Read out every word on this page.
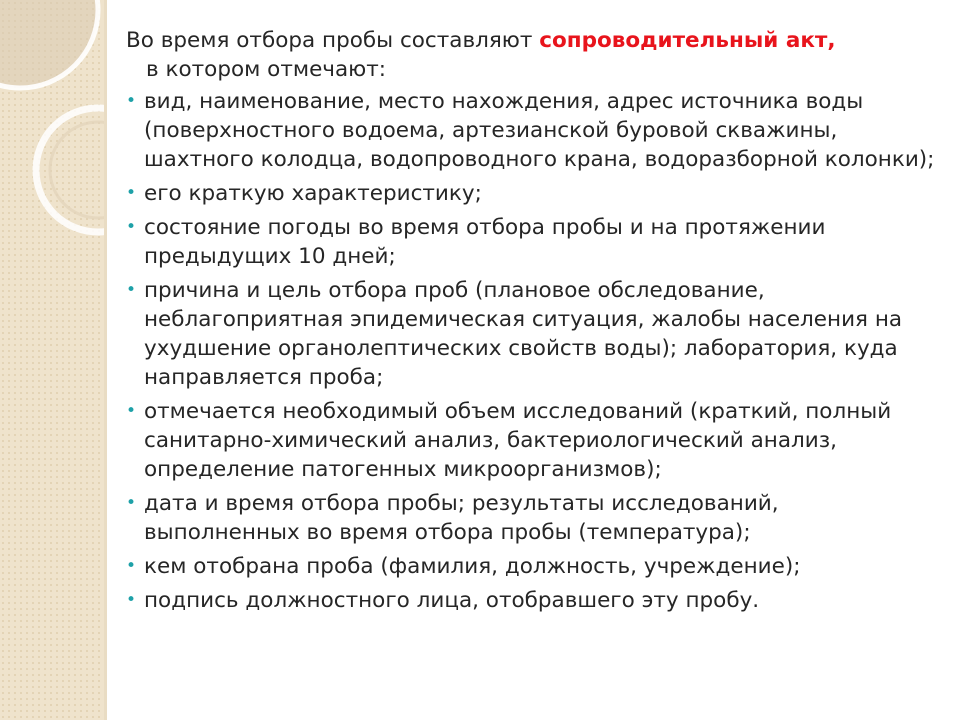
Во время отбора пробы составляют сопроводительный акт,
в котором отмечают:

• вид, наименование, место нахождения, адрес источника воды (поверхностного водоема, артезианской буровой скважины, шахтного колодца, водопроводного крана, водоразборной колонки);
• его краткую характеристику;
• состояние погоды во время отбора пробы и на протяжении предыдущих 10 дней;
• причина и цель отбора проб (плановое обследование, неблагоприятная эпидемическая ситуация, жалобы населения на ухудшение органолептических свойств воды); лаборатория, куда направляется проба;
• отмечается необходимый объем исследований (краткий, полный санитарно-химический анализ, бактериологический анализ, определение патогенных микроорганизмов);
• дата и время отбора пробы; результаты исследований, выполненных во время отбора пробы (температура);
• кем отобрана проба (фамилия, должность, учреждение);
• подпись должностного лица, отобравшего эту пробу.
